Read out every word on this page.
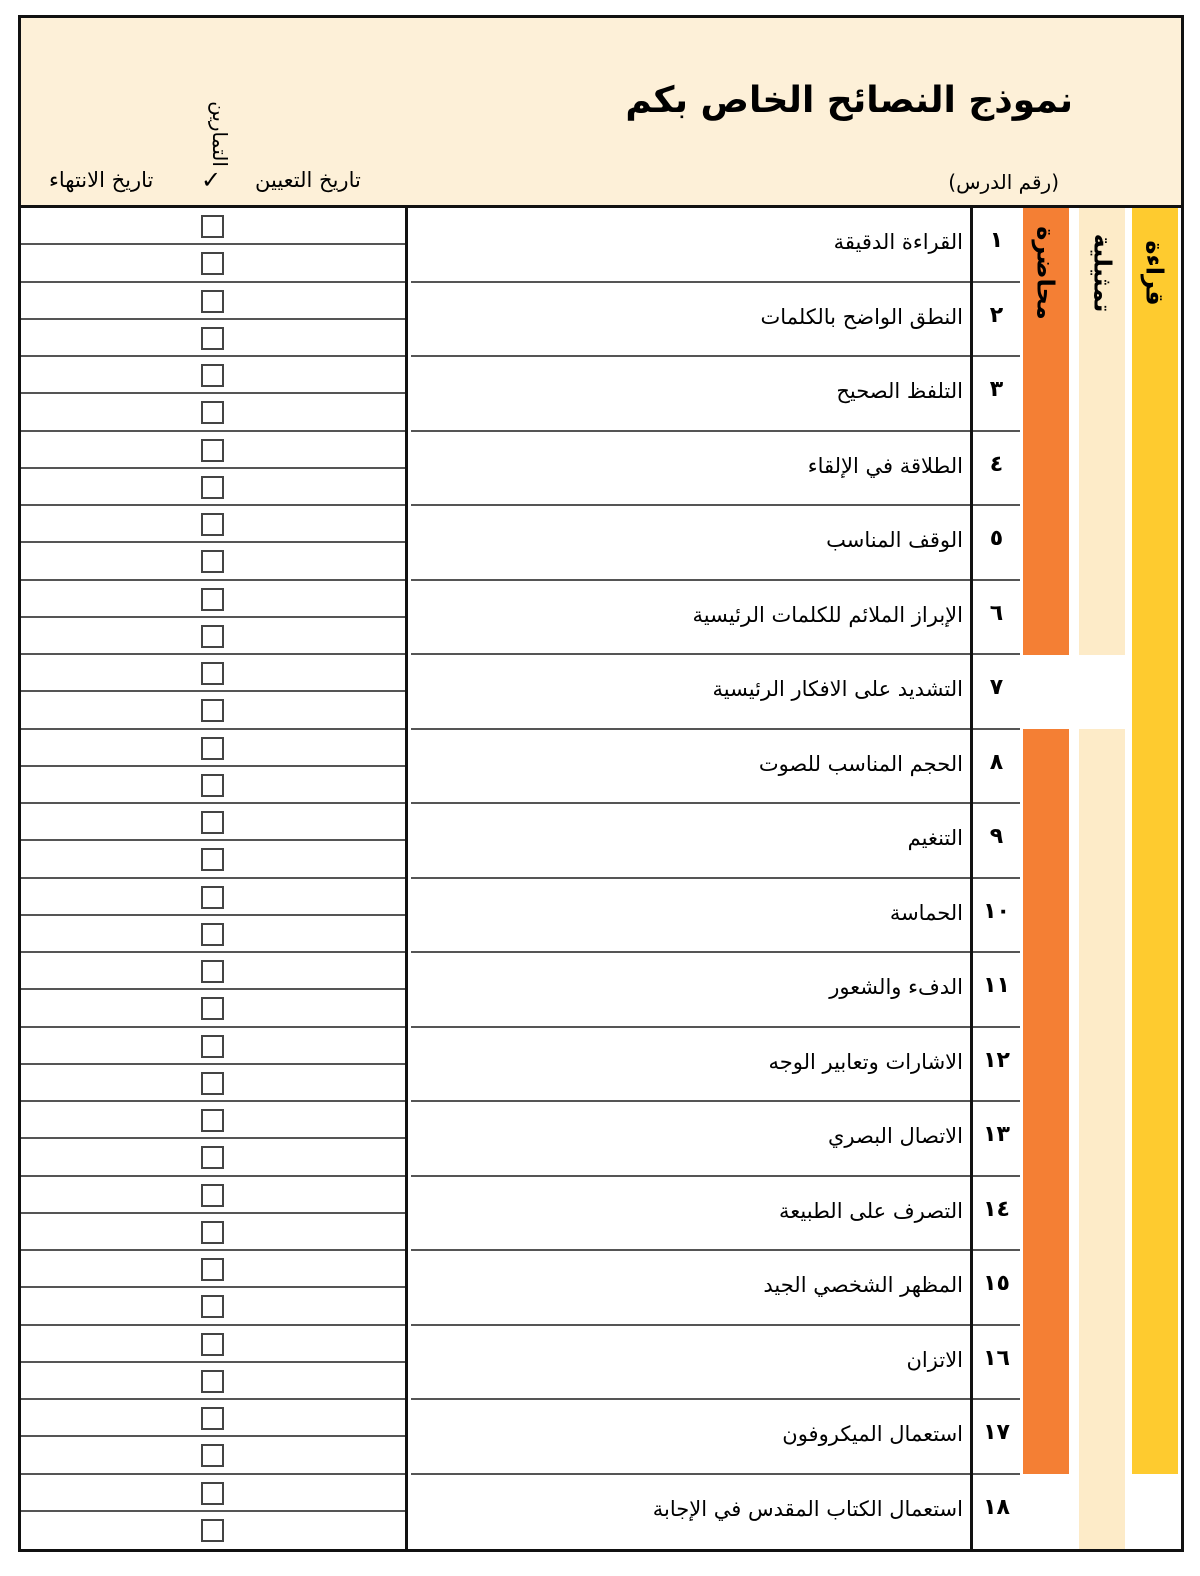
نموذج النصائح الخاص بكم
(رقم الدرس)
تاريخ التعيين
التمارين
✓
تاريخ الانتهاء
القراءة الدقيقة
النطق الواضح بالكلمات
التلفظ الصحيح
الطلاقة في الإلقاء
الوقف المناسب
الإبراز الملائم للكلمات الرئيسية
التشديد على الافكار الرئيسية
الحجم المناسب للصوت
التنغيم
الحماسة
الدفء والشعور
الاشارات وتعابير الوجه
الاتصال البصري
التصرف على الطبيعة
المظهر الشخصي الجيد
الاتزان
استعمال الميكروفون
استعمال الكتاب المقدس في الإجابة
١
٢
٣
٤
٥
٦
٧
٨
٩
١٠
١١
١٢
١٣
١٤
١٥
١٦
١٧
١٨
محاضرة تمثيلية قراءة
